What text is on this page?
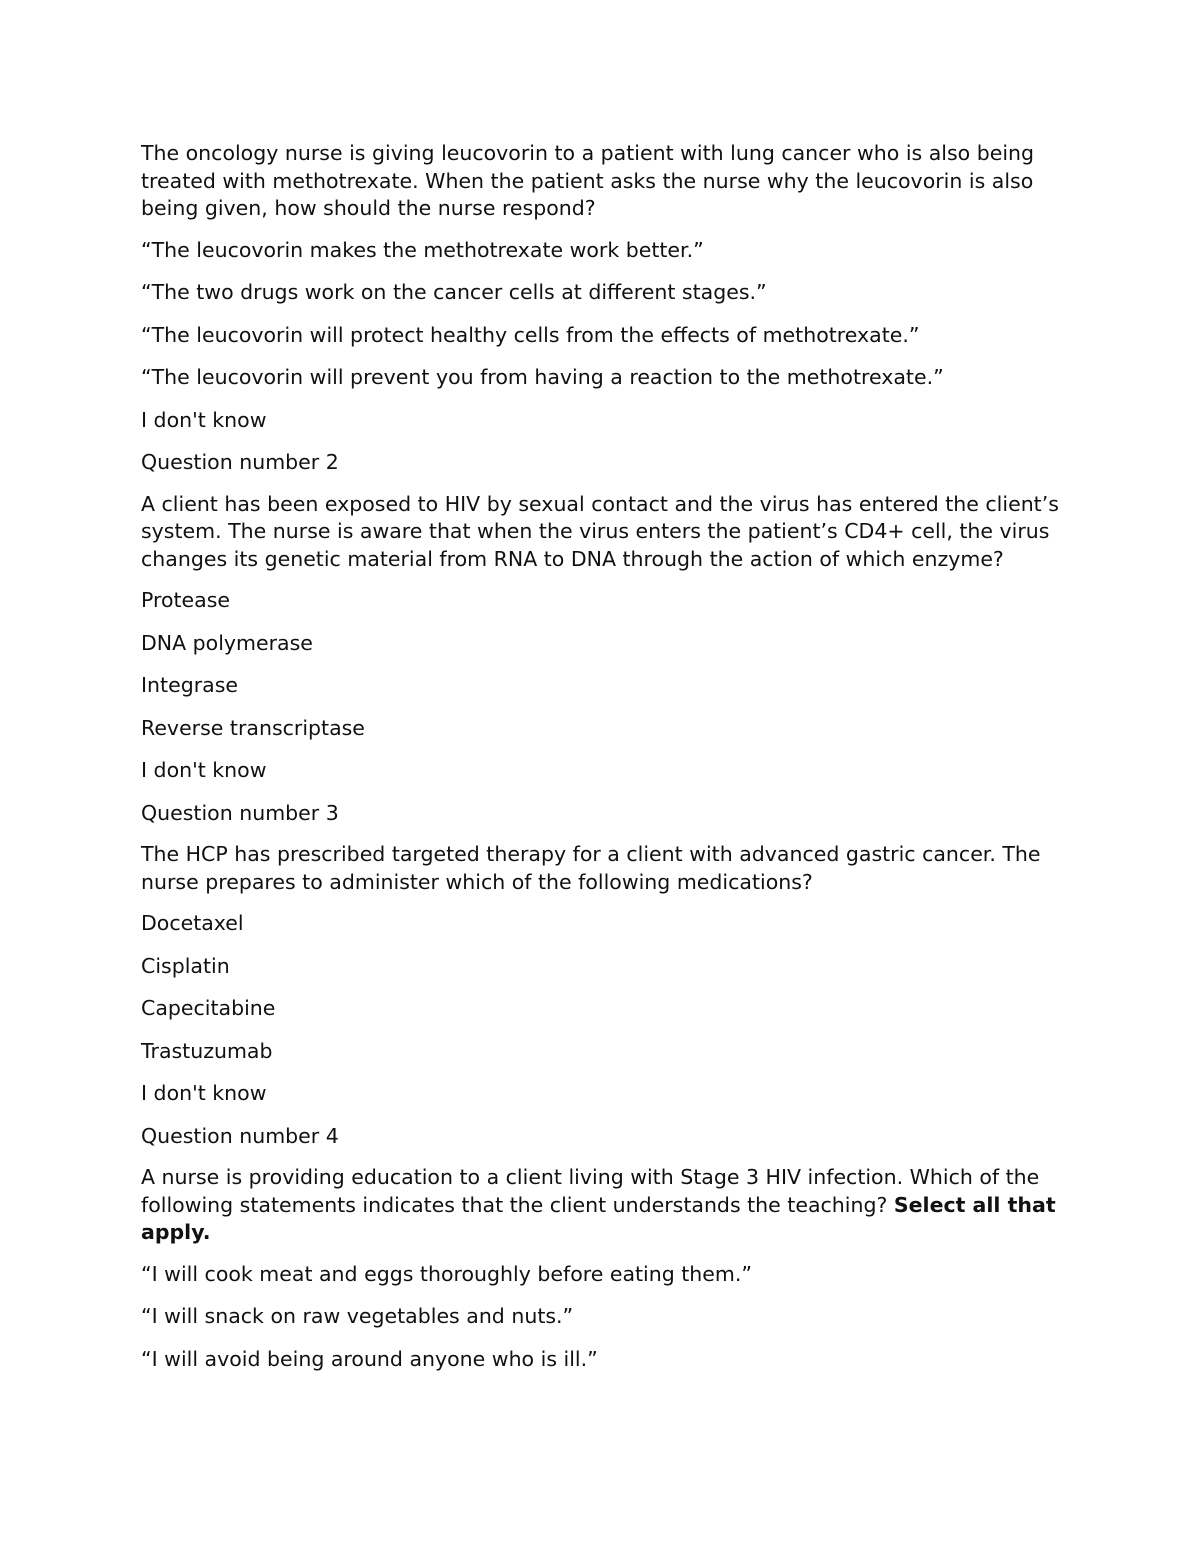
The oncology nurse is giving leucovorin to a patient with lung cancer who is also being treated with methotrexate. When the patient asks the nurse why the leucovorin is also being given, how should the nurse respond?

“The leucovorin makes the methotrexate work better.”

“The two drugs work on the cancer cells at different stages.”

“The leucovorin will protect healthy cells from the effects of methotrexate.”

“The leucovorin will prevent you from having a reaction to the methotrexate.”

I don't know

Question number 2

A client has been exposed to HIV by sexual contact and the virus has entered the client’s system. The nurse is aware that when the virus enters the patient’s CD4+ cell, the virus changes its genetic material from RNA to DNA through the action of which enzyme?

Protease

DNA polymerase

Integrase

Reverse transcriptase

I don't know

Question number 3

The HCP has prescribed targeted therapy for a client with advanced gastric cancer. The nurse prepares to administer which of the following medications?

Docetaxel

Cisplatin

Capecitabine

Trastuzumab

I don't know

Question number 4

A nurse is providing education to a client living with Stage 3 HIV infection. Which of the following statements indicates that the client understands the teaching? Select all that apply.

“I will cook meat and eggs thoroughly before eating them.”

“I will snack on raw vegetables and nuts.”

“I will avoid being around anyone who is ill.”
